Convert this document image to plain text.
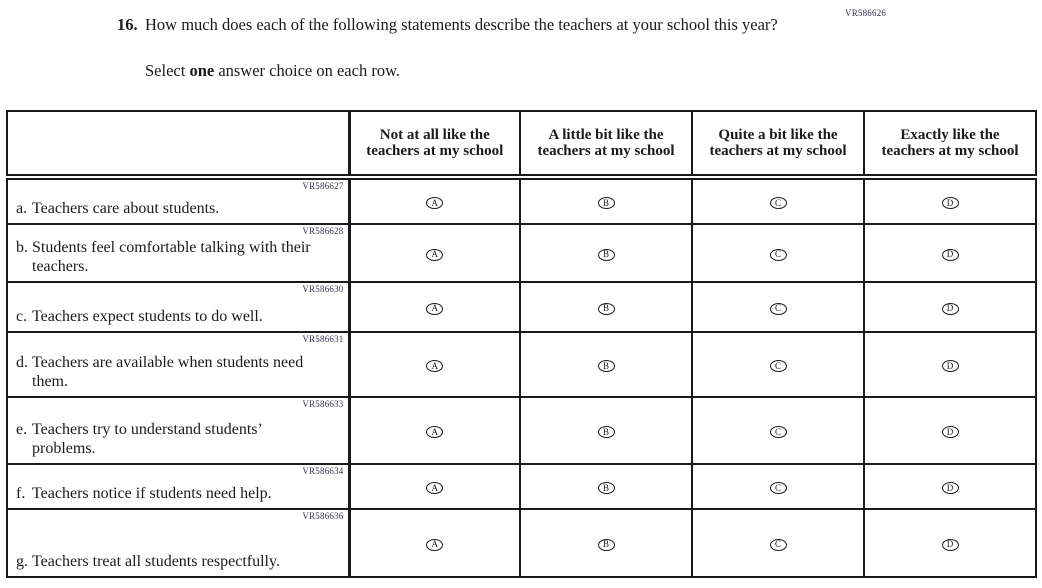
VR586626
16. How much does each of the following statements describe the teachers at your school this year?
Select one answer choice on each row.
	Not at all like the teachers at my school	A little bit like the teachers at my school	Quite a bit like the teachers at my school	Exactly like the teachers at my school

VR586627
a. Teachers care about students.	A	B	C	D

VR586628
b. Students feel comfortable talking with their teachers.	A	B	C	D

VR586630
c. Teachers expect students to do well.	A	B	C	D

VR586631
d. Teachers are available when students need them.	A	B	C	D

VR586633
e. Teachers try to understand students’ problems.	A	B	C	D

VR586634
f. Teachers notice if students need help.	A	B	C	D

VR586636
g. Teachers treat all students respectfully.	A	B	C	D
